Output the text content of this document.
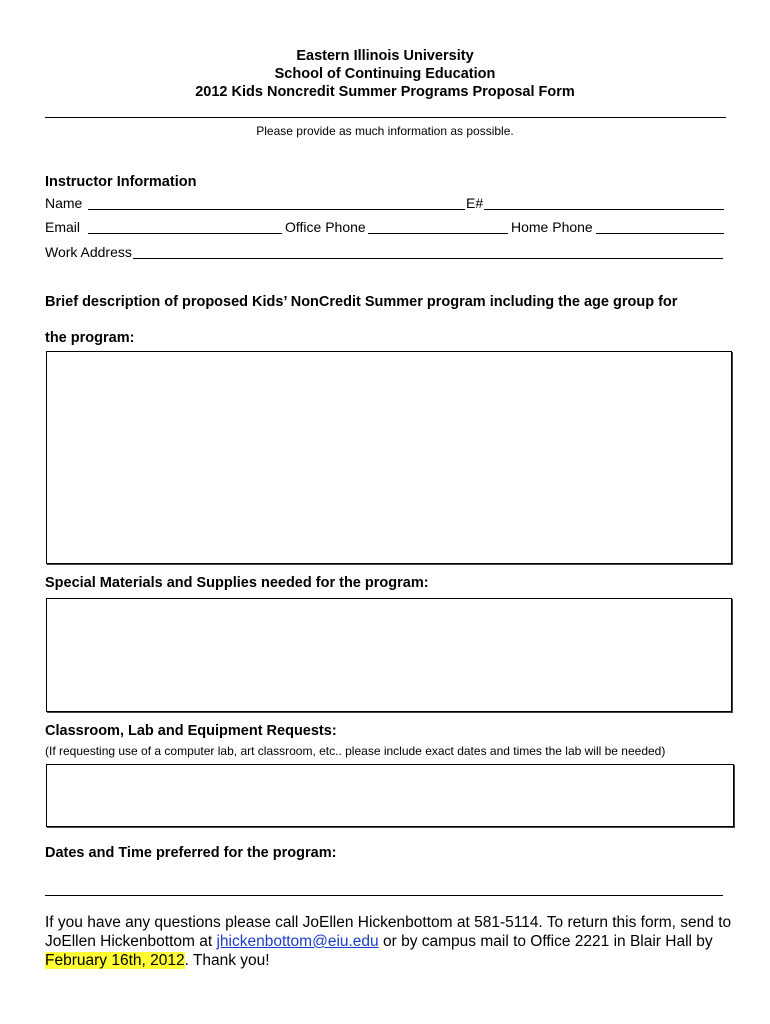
Eastern Illinois University
School of Continuing Education
2012 Kids Noncredit Summer Programs Proposal Form
Please provide as much information as possible.
Instructor Information
Name	E#
Email	Office Phone	Home Phone
Work Address
Brief description of proposed Kids’ NonCredit Summer program including the age group for
the program:
Special Materials and Supplies needed for the program:
Classroom, Lab and Equipment Requests:
(If requesting use of a computer lab, art classroom, etc.. please include exact dates and times the lab will be needed)
Dates and Time preferred for the program:
If you have any questions please call JoEllen Hickenbottom at 581-5114. To return this form, send to JoEllen Hickenbottom at jhickenbottom@eiu.edu or by campus mail to Office 2221 in Blair Hall by February 16th, 2012. Thank you!
